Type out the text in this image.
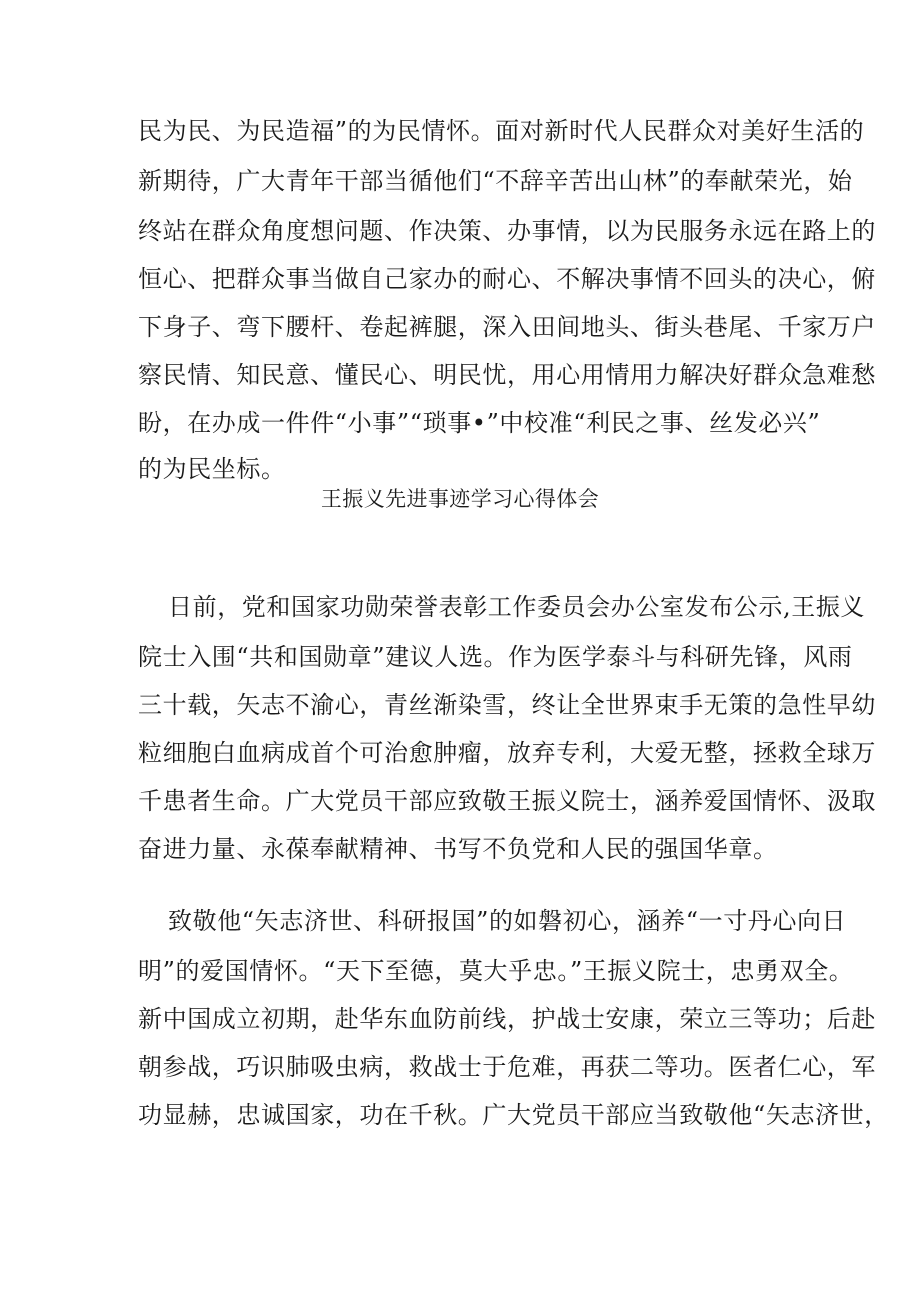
民为民、为民造福”的为民情怀。面对新时代人民群众对美好生活的
新期待，广大青年干部当循他们“不辞辛苦出山林”的奉献荣光，始
终站在群众角度想问题、作决策、办事情，以为民服务永远在路上的
恒心、把群众事当做自己家办的耐心、不解决事情不回头的决心，俯
下身子、弯下腰杆、卷起裤腿，深入田间地头、街头巷尾、千家万户
察民情、知民意、懂民心、明民忧，用心用情用力解决好群众急难愁
盼，在办成一件件“小事”“琐事•”中校准“利民之事、丝发必兴”
的为民坐标。
王振义先进事迹学习心得体会
日前，党和国家功勋荣誉表彰工作委员会办公室发布公示,王振义
院士入围“共和国勋章”建议人选。作为医学泰斗与科研先锋，风雨
三十载，矢志不渝心，青丝渐染雪，终让全世界束手无策的急性早幼
粒细胞白血病成首个可治愈肿瘤，放弃专利，大爱无整，拯救全球万
千患者生命。广大党员干部应致敬王振义院士，涵养爱国情怀、汲取
奋进力量、永葆奉献精神、书写不负党和人民的强国华章。
致敬他“矢志济世、科研报国”的如磐初心，涵养“一寸丹心向日
明”的爱国情怀。“天下至德，莫大乎忠。”王振义院士，忠勇双全。
新中国成立初期，赴华东血防前线，护战士安康，荣立三等功；后赴
朝参战，巧识肺吸虫病，救战士于危难，再获二等功。医者仁心，军
功显赫，忠诚国家，功在千秋。广大党员干部应当致敬他“矢志济世，
